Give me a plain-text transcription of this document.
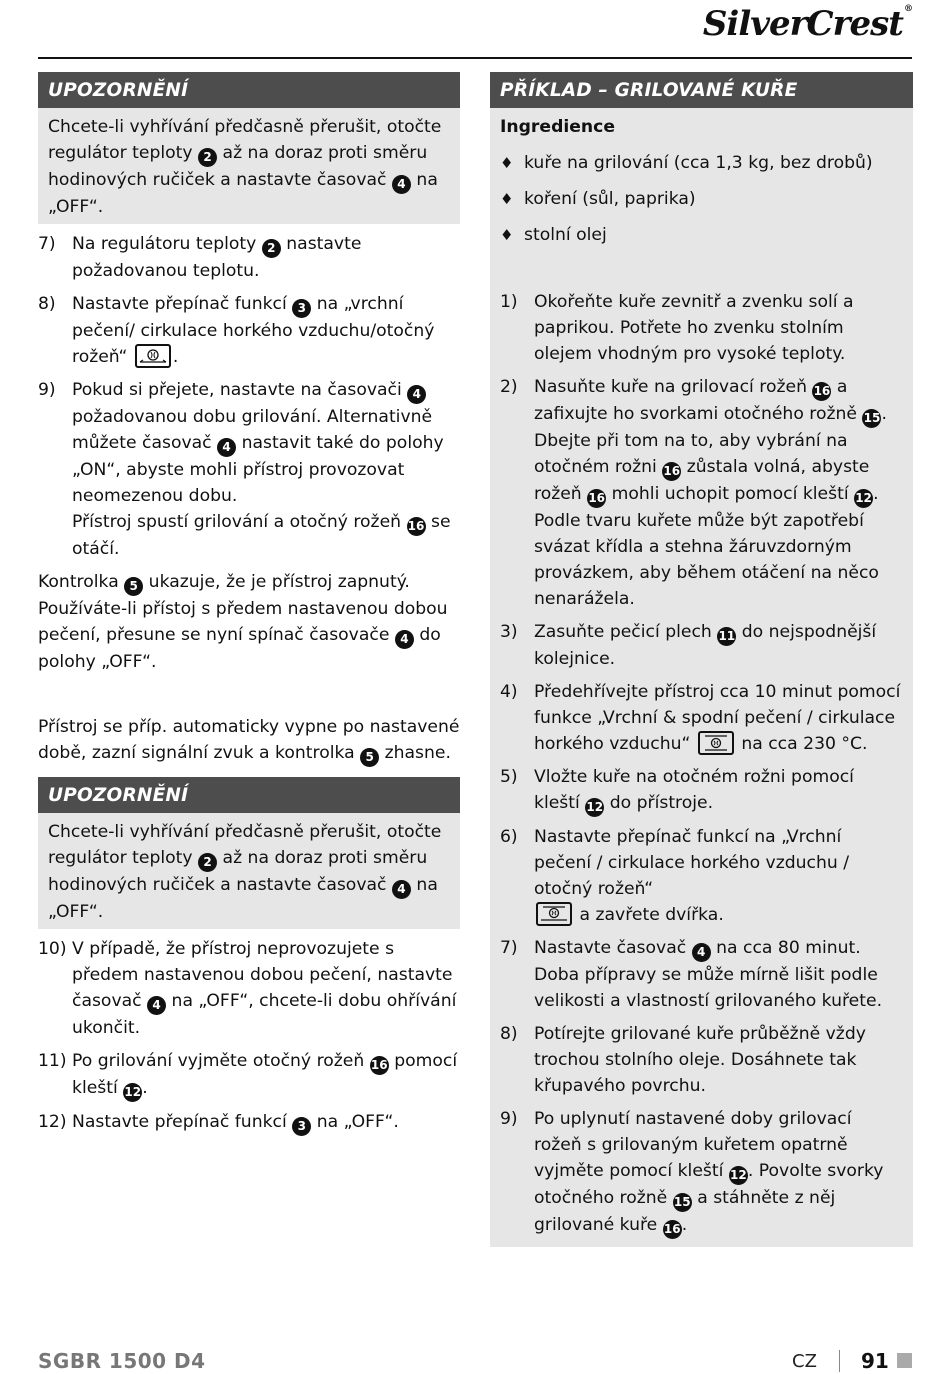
SilverCrest®
UPOZORNĚNÍ
Chcete-li vyhřívání předčasně přerušit, otočte
regulátor teploty 2 až na doraz proti směru
hodinových ručiček a nastavte časovač 4 na
„OFF“.
7) Na regulátoru teploty 2 nastavte požadovanou teplotu.
8) Nastavte přepínač funkcí 3 na „vrchní pečení/ cirkulace horkého vzduchu/otočný rožeň“	.
9) Pokud si přejete, nastavte na časovači 4 požadovanou dobu grilování. Alternativně můžete časovač 4 nastavit také do polohy „ON“, abyste mohli přístroj provozovat neomezenou dobu.
Přístroj spustí grilování a otočný rožeň 16 se otáčí.

Kontrolka 5 ukazuje, že je přístroj zapnutý. Používáte-li přístoj s předem nastavenou dobou pečení, přesune se nyní spínač časovače 4 do polohy „OFF“.

Přístroj se příp. automaticky vypne po nastavené době, zazní signální zvuk a kontrolka 5 zhasne.

UPOZORNĚNÍ
Chcete-li vyhřívání předčasně přerušit, otočte
regulátor teploty 2 až na doraz proti směru
hodinových ručiček a nastavte časovač 4 na
„OFF“.
10) V případě, že přístroj neprovozujete s předem nastavenou dobou pečení, nastavte časovač 4 na „OFF“, chcete-li dobu ohřívání ukončit.
11) Po grilování vyjměte otočný rožeň 16 pomocí kleští 12.
12) Nastavte přepínač funkcí 3 na „OFF“.
PŘÍKLAD – GRILOVANÉ KUŘE
Ingredience
♦ kuře na grilování (cca 1,3 kg, bez drobů)
♦ koření (sůl, paprika)
♦ stolní olej
1) Okořeňte kuře zevnitř a zvenku solí a paprikou. Potřete ho zvenku stolním olejem vhodným pro vysoké teploty.
2) Nasuňte kuře na grilovací rožeň 16 a zafixujte ho svorkami otočného rožně 15. Dbejte při tom na to, aby vybrání na otočném rožni 16 zůstala volná, abyste rožeň 16 mohli uchopit pomocí kleští 12. Podle tvaru kuřete může být zapotřebí svázat křídla a stehna žáruvzdorným provázkem, aby během otáčení na něco nenarážela.
3) Zasuňte pečicí plech 11 do nejspodnější kolejnice.
4) Předehřívejte přístroj cca 10 minut pomocí funkce „Vrchní & spodní pečení / cirkulace horkého vzduchu“	na cca 230 °C.
5) Vložte kuře na otočném rožni pomocí kleští 12 do přístroje.
6) Nastavte přepínač funkcí na „Vrchní pečení / cirkulace horkého vzduchu / otočný rožeň“

a zavřete dvířka.
7) Nastavte časovač 4 na cca 80 minut. Doba přípravy se může mírně lišit podle velikosti a vlastností grilovaného kuřete.
8) Potírejte grilované kuře průběžně vždy trochou stolního oleje. Dosáhnete tak křupavého povrchu.
9) Po uplynutí nastavené doby grilovací rožeň s grilovaným kuřetem opatrně vyjměte pomocí kleští 12. Povolte svorky otočného rožně 15 a stáhněte z něj grilované kuře 16.
SGBR 1500 D4	CZ 91
